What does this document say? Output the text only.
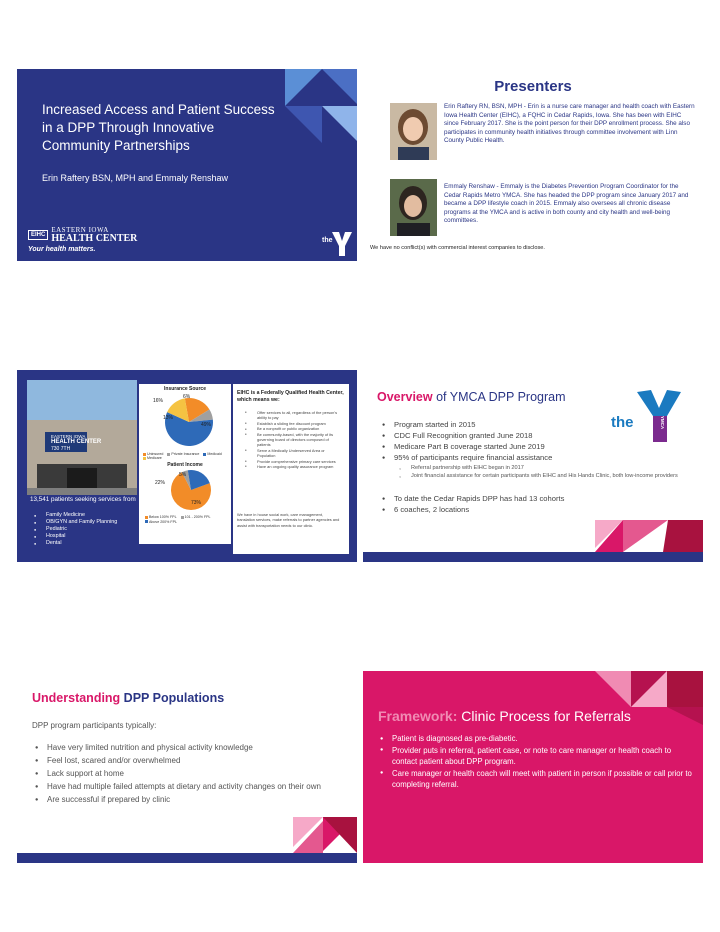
Increased Access and Patient Success in a DPP Through Innovative Community Partnerships
Erin Raftery BSN, MPH and Emmaly Renshaw
EIHC
EASTERN IOWA
HEALTH CENTER
Your health matters.
the
Presenters
Erin Raftery RN, BSN, MPH - Erin is a nurse care manager and health coach with Eastern Iowa Health Center (EIHC), a FQHC in Cedar Rapids, Iowa. She has been with EIHC since February 2017. She is the point person for their DPP enrollment process. She also participates in community health initiatives through committee involvement with Linn County Public Health.
Emmaly Renshaw - Emmaly is the Diabetes Prevention Program Coordinator for the Cedar Rapids Metro YMCA. She has headed the DPP program since January 2017 and became a DPP lifestyle coach in 2015. Emmaly also oversees all chronic disease programs at the YMCA and is active in both county and city health and well-being committees.
We have no conflict(s) with commercial interest companies to disclose.
EASTERN IOWA
HEALTH CENTER
730 7TH
13,541 patients seeking services from
● Family Medicine
● OB/GYN and Family Planning
● Pediatric
● Hospital
● Dental
Insurance Source
16%
6%
13%
49%
Uninsured Private Insurance Medicaid
Medicare
Patient Income
22%
5%
73%
Below 100% FPL 101 - 200% FPL
Above 200% FPL
EIHC is a Federally Qualified Health Center, which means we:
● Offer services to all, regardless of the person's ability to pay
● Establish a sliding fee discount program
● Be a nonprofit or public organization
● Be community-based, with the majority of its governing board of directors composed of patients
● Serve a Medically Underserved Area or Population
● Provide comprehensive primary care services
● Have an ongoing quality assurance program
We have in house social work, care management, translation services, make referrals to partner agencies and assist with transportation needs to our clinic.
Overview of YMCA DPP Program
the	YMCA
● Program started in 2015
● CDC Full Recognition granted June 2018
● Medicare Part B coverage started June 2019
● 95% of participants require financial assistance
○ Referral partnership with EIHC began in 2017
○ Joint financial assistance for certain participants with EIHC and His Hands Clinic, both low-income providers
● To date the Cedar Rapids DPP has had 13 cohorts
● 6 coaches, 2 locations
Understanding DPP Populations
DPP program participants typically:
● Have very limited nutrition and physical activity knowledge
● Feel lost, scared and/or overwhelmed
● Lack support at home
● Have had multiple failed attempts at dietary and activity changes on their own
● Are successful if prepared by clinic
Framework: Clinic Process for Referrals
● Patient is diagnosed as pre-diabetic.
● Provider puts in referral, patient case, or note to care manager or health coach to contact patient about DPP program.
● Care manager or health coach will meet with patient in person if possible or call prior to completing referral.
